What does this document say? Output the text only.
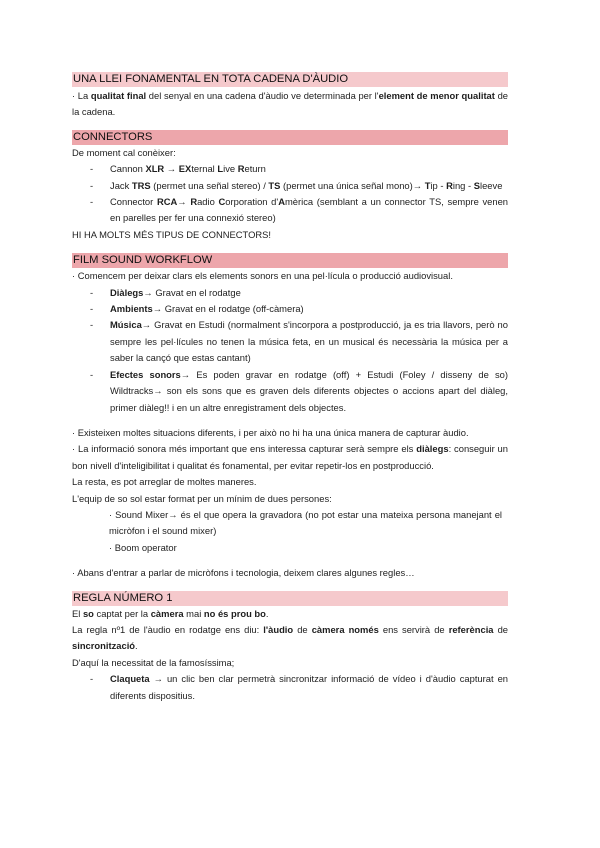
UNA LLEI FONAMENTAL EN TOTA CADENA D'ÀUDIO
· La qualitat final del senyal en una cadena d'àudio ve determinada per l'element de menor qualitat de la cadena.
CONNECTORS
De moment cal conèixer:
- Cannon XLR → EXternal Live Return
- Jack TRS (permet una señal stereo) / TS (permet una única señal mono)→ Tip - Ring - Sleeve
- Connector RCA→ Radio Corporation d'Amèrica (semblant a un connector TS, sempre venen en parelles per fer una connexió stereo)
HI HA MOLTS MÉS TIPUS DE CONNECTORS!
FILM SOUND WORKFLOW
· Comencem per deixar clars els elements sonors en una pel·lícula o producció audiovisual.
- Diàlegs→ Gravat en el rodatge
- Ambients→ Gravat en el rodatge (off-càmera)
- Música→ Gravat en Estudi (normalment s'incorpora a postproducció, ja es tria llavors, però no sempre les pel·lícules no tenen la música feta, en un musical és necessària la música per a saber la cançó que estas cantant)
- Efectes sonors→ Es poden gravar en rodatge (off) + Estudi (Foley / disseny de so) Wildtracks→ son els sons que es graven dels diferents objectes o accions apart del diàleg, primer diàleg!! i en un altre enregistrament dels objectes.
· Existeixen moltes situacions diferents, i per això no hi ha una única manera de capturar àudio.
· La informació sonora més important que ens interessa capturar serà sempre els diàlegs: conseguir un bon nivell d'inteligibilitat i qualitat és fonamental, per evitar repetir-los en postproducció.
La resta, es pot arreglar de moltes maneres.
L'equip de so sol estar format per un mínim de dues persones:
· Sound Mixer→ és el que opera la gravadora (no pot estar una mateixa persona manejant el micròfon i el sound mixer)
· Boom operator
· Abans d'entrar a parlar de micròfons i tecnologia, deixem clares algunes regles…
REGLA NÚMERO 1
El so captat per la càmera mai no és prou bo.
La regla nº1 de l'àudio en rodatge ens diu: l'àudio de càmera només ens servirà de referència de sincronització.
D'aquí la necessitat de la famosíssima;
- Claqueta → un clic ben clar permetrà sincronitzar informació de vídeo i d'àudio capturat en diferents dispositius.
